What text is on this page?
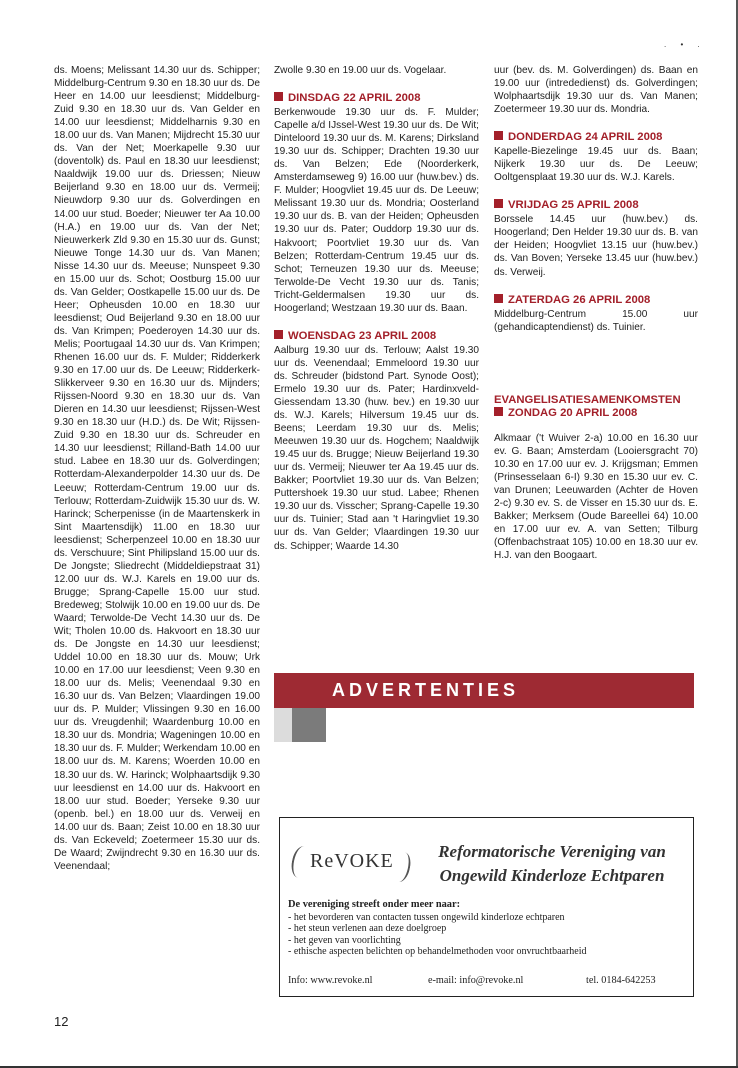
. • .

ds. Moens; Melissant 14.30 uur ds. Schipper; Middelburg-Centrum 9.30 en 18.30 uur ds. De Heer en 14.00 uur leesdienst; Middelburg-Zuid 9.30 en 18.30 uur ds. Van Gelder en 14.00 uur leesdienst; Middelharnis 9.30 en 18.00 uur ds. Van Manen; Mijdrecht 15.30 uur ds. Van der Net; Moerkapelle 9.30 uur (doventolk) ds. Paul en 18.30 uur leesdienst; Naaldwijk 19.00 uur ds. Driessen; Nieuw Beijerland 9.30 en 18.00 uur ds. Vermeij; Nieuwdorp 9.30 uur ds. Golverdingen en 14.00 uur stud. Boeder; Nieuwer ter Aa 10.00 (H.A.) en 19.00 uur ds. Van der Net; Nieuwerkerk Zld 9.30 en 15.30 uur ds. Gunst; Nieuwe Tonge 14.30 uur ds. Van Manen; Nisse 14.30 uur ds. Meeuse; Nunspeet 9.30 en 15.00 uur ds. Schot; Oostburg 15.00 uur ds. Van Gelder; Oostkapelle 15.00 uur ds. De Heer; Opheusden 10.00 en 18.30 uur leesdienst; Oud Beijerland 9.30 en 18.00 uur ds. Van Krimpen; Poederoyen 14.30 uur ds. Melis; Poortugaal 14.30 uur ds. Van Krimpen; Rhenen 16.00 uur ds. F. Mulder; Ridderkerk 9.30 en 17.00 uur ds. De Leeuw; Ridderkerk-Slikkerveer 9.30 en 16.30 uur ds. Mijnders; Rijssen-Noord 9.30 en 18.30 uur ds. Van Dieren en 14.30 uur leesdienst; Rijssen-West 9.30 en 18.30 uur (H.D.) ds. De Wit; Rijssen-Zuid 9.30 en 18.30 uur ds. Schreuder en 14.30 uur leesdienst; Rilland-Bath 14.00 uur stud. Labee en 18.30 uur ds. Golverdingen; Rotterdam-Alexanderpolder 14.30 uur ds. De Leeuw; Rotterdam-Centrum 19.00 uur ds. Terlouw; Rotterdam-Zuidwijk 15.30 uur ds. W. Harinck; Scherpenisse (in de Maartenskerk in Sint Maartensdijk) 11.00 en 18.30 uur leesdienst; Scherpenzeel 10.00 en 18.30 uur ds. Verschuure; Sint Philipsland 15.00 uur ds. De Jongste; Sliedrecht (Middeldiepstraat 31) 12.00 uur ds. W.J. Karels en 19.00 uur ds. Brugge; Sprang-Capelle 15.00 uur stud. Bredeweg; Stolwijk 10.00 en 19.00 uur ds. De Waard; Terwolde-De Vecht 14.30 uur ds. De Wit; Tholen 10.00 ds. Hakvoort en 18.30 uur ds. De Jongste en 14.30 uur leesdienst; Uddel 10.00 en 18.30 uur ds. Mouw; Urk 10.00 en 17.00 uur leesdienst; Veen 9.30 en 18.00 uur ds. Melis; Veenendaal 9.30 en 16.30 uur ds. Van Belzen; Vlaardingen 19.00 uur ds. P. Mulder; Vlissingen 9.30 en 16.00 uur ds. Vreugdenhil; Waardenburg 10.00 en 18.30 uur ds. Mondria; Wageningen 10.00 en 18.30 uur ds. F. Mulder; Werkendam 10.00 en 18.00 uur ds. M. Karens; Woerden 10.00 en 18.30 uur ds. W. Harinck; Wolphaartsdijk 9.30 uur leesdienst en 14.00 uur ds. Hakvoort en 18.00 uur stud. Boeder; Yerseke 9.30 uur (openb. bel.) en 18.00 uur ds. Verweij en 14.00 uur ds. Baan; Zeist 10.00 en 18.30 uur ds. Van Eckeveld; Zoetermeer 15.30 uur ds. De Waard; Zwijndrecht 9.30 en 16.30 uur ds. Veenendaal;

Zwolle 9.30 en 19.00 uur ds. Vogelaar.

DINSDAG 22 APRIL 2008

Berkenwoude 19.30 uur ds. F. Mulder; Capelle a/d IJssel-West 19.30 uur ds. De Wit; Dinteloord 19.30 uur ds. M. Karens; Dirksland 19.30 uur ds. Schipper; Drachten 19.30 uur ds. Van Belzen; Ede (Noorderkerk, Amsterdamseweg 9) 16.00 uur (huw.bev.) ds. F. Mulder; Hoogvliet 19.45 uur ds. De Leeuw; Melissant 19.30 uur ds. Mondria; Oosterland 19.30 uur ds. B. van der Heiden; Opheusden 19.30 uur ds. Pater; Ouddorp 19.30 uur ds. Hakvoort; Poortvliet 19.30 uur ds. Van Belzen; Rotterdam-Centrum 19.45 uur ds. Schot; Terneuzen 19.30 uur ds. Meeuse; Terwolde-De Vecht 19.30 uur ds. Tanis; Tricht-Geldermalsen 19.30 uur ds. Hoogerland; Westzaan 19.30 uur ds. Baan.

WOENSDAG 23 APRIL 2008

Aalburg 19.30 uur ds. Terlouw; Aalst 19.30 uur ds. Veenendaal; Emmeloord 19.30 uur ds. Schreuder (bidstond Part. Synode Oost); Ermelo 19.30 uur ds. Pater; Hardinxveld-Giessendam 13.30 (huw. bev.) en 19.30 uur ds. W.J. Karels; Hilversum 19.45 uur ds. Beens; Leerdam 19.30 uur ds. Melis; Meeuwen 19.30 uur ds. Hogchem; Naaldwijk 19.45 uur ds. Brugge; Nieuw Beijerland 19.30 uur ds. Vermeij; Nieuwer ter Aa 19.45 uur ds. Bakker; Poortvliet 19.30 uur ds. Van Belzen; Puttershoek 19.30 uur stud. Labee; Rhenen 19.30 uur ds. Visscher; Sprang-Capelle 19.30 uur ds. Tuinier; Stad aan 't Haringvliet 19.30 uur ds. Van Gelder; Vlaardingen 19.30 uur ds. Schipper; Waarde 14.30

uur (bev. ds. M. Golverdingen) ds. Baan en 19.00 uur (intrededienst) ds. Golverdingen; Wolphaartsdijk 19.30 uur ds. Van Manen; Zoetermeer 19.30 uur ds. Mondria.

DONDERDAG 24 APRIL 2008

Kapelle-Biezelinge 19.45 uur ds. Baan; Nijkerk 19.30 uur ds. De Leeuw; Ooltgensplaat 19.30 uur ds. W.J. Karels.

VRIJDAG 25 APRIL 2008

Borssele 14.45 uur (huw.bev.) ds. Hoogerland; Den Helder 19.30 uur ds. B. van der Heiden; Hoogvliet 13.15 uur (huw.bev.) ds. Van Boven; Yerseke 13.45 uur (huw.bev.) ds. Verweij.

ZATERDAG 26 APRIL 2008

Middelburg-Centrum 15.00 uur (gehandicaptendienst) ds. Tuinier.

EVANGELISATIESAMENKOMSTEN
ZONDAG 20 APRIL 2008

Alkmaar ('t Wuiver 2-a) 10.00 en 16.30 uur ev. G. Baan; Amsterdam (Looiersgracht 70) 10.30 en 17.00 uur ev. J. Krijgsman; Emmen (Prinsesselaan 6-I) 9.30 en 15.30 uur ev. C. van Drunen; Leeuwarden (Achter de Hoven 2-c) 9.30 ev. S. de Visser en 15.30 uur ds. E. Bakker; Merksem (Oude Bareellei 64) 10.00 en 17.00 uur ev. A. van Setten; Tilburg (Offenbachstraat 105) 10.00 en 18.30 uur ev. H.J. van den Boogaart.

ADVERTENTIES
ReVOKE	Reformatorische Vereniging van
Ongewild Kinderloze Echtparen
De vereniging streeft onder meer naar:
- het bevorderen van contacten tussen ongewild kinderloze echtparen
- het steun verlenen aan deze doelgroep
- het geven van voorlichting
- ethische aspecten belichten op behandelmethoden voor onvruchtbaarheid
Info: www.revoke.nl	e-mail: info@revoke.nl	tel. 0184-642253
12
